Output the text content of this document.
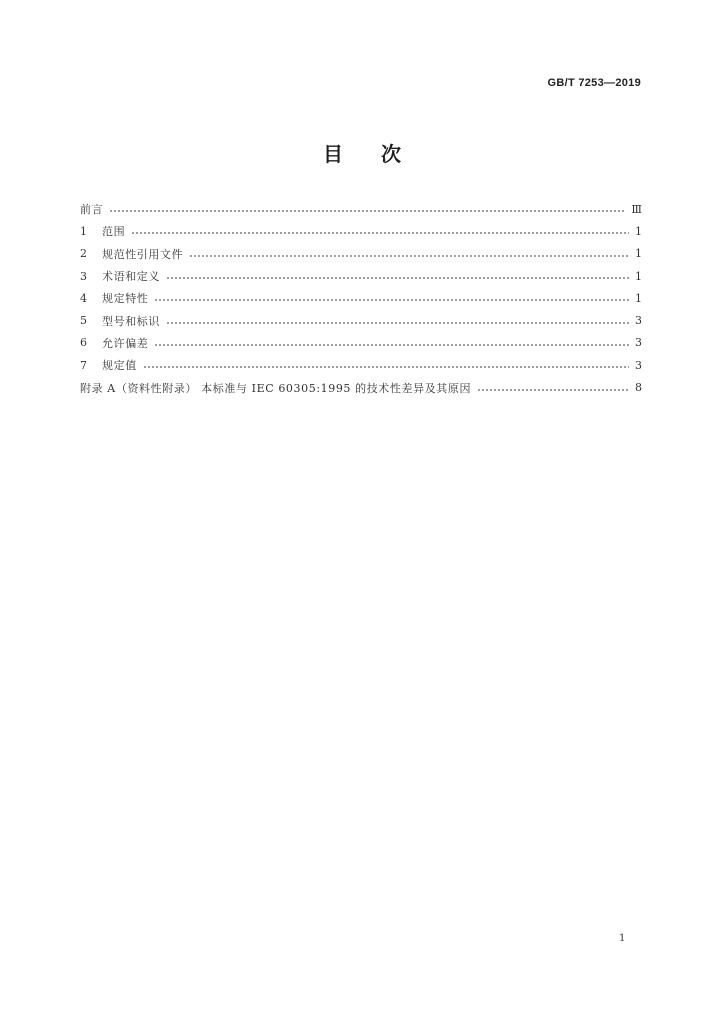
GB/T 7253—2019
目 次
前言	Ⅲ
1	范围	1
2	规范性引用文件	1
3	术语和定义	1
4	规定特性	1
5	型号和标识	3
6	允许偏差	3
7	规定值	3
附录 A（资料性附录） 本标准与 IEC 60305:1995 的技术性差异及其原因	8
1
